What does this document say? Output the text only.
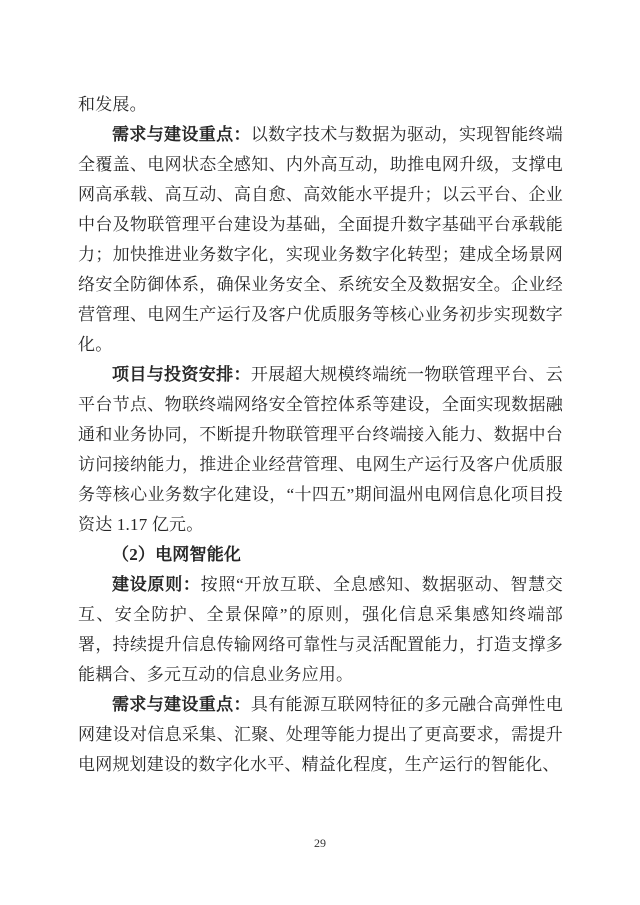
和发展。

需求与建设重点：以数字技术与数据为驱动，实现智能终端全覆盖、电网状态全感知、内外高互动，助推电网升级，支撑电网高承载、高互动、高自愈、高效能水平提升；以云平台、企业中台及物联管理平台建设为基础，全面提升数字基础平台承载能力；加快推进业务数字化，实现业务数字化转型；建成全场景网络安全防御体系，确保业务安全、系统安全及数据安全。企业经营管理、电网生产运行及客户优质服务等核心业务初步实现数字化。

项目与投资安排：开展超大规模终端统一物联管理平台、云平台节点、物联终端网络安全管控体系等建设，全面实现数据融通和业务协同，不断提升物联管理平台终端接入能力、数据中台访问接纳能力，推进企业经营管理、电网生产运行及客户优质服务等核心业务数字化建设，“十四五”期间温州电网信息化项目投资达 1.17 亿元。

（2）电网智能化

建设原则：按照“开放互联、全息感知、数据驱动、智慧交互、安全防护、全景保障”的原则，强化信息采集感知终端部署，持续提升信息传输网络可靠性与灵活配置能力，打造支撑多能耦合、多元互动的信息业务应用。

需求与建设重点：具有能源互联网特征的多元融合高弹性电网建设对信息采集、汇聚、处理等能力提出了更高要求，需提升电网规划建设的数字化水平、精益化程度，生产运行的智能化、

29
